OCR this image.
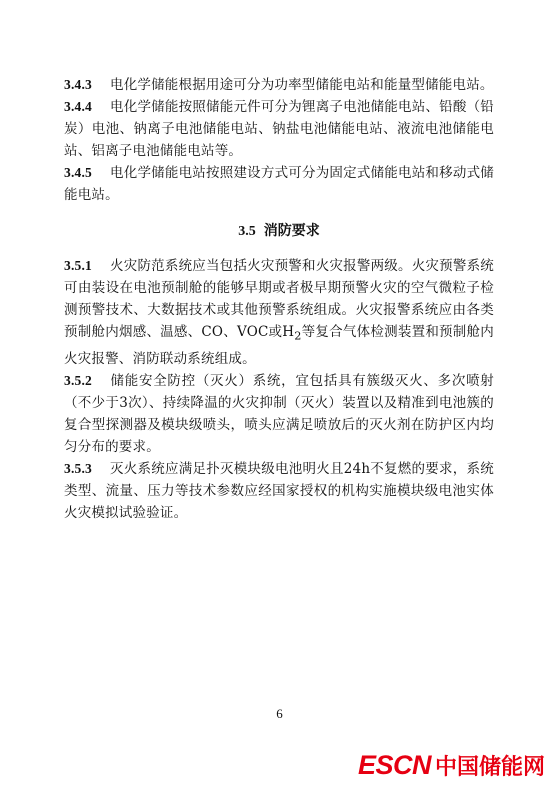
3.4.3 电化学储能根据用途可分为功率型储能电站和能量型储能电站。

3.4.4 电化学储能按照储能元件可分为锂离子电池储能电站、铅酸（铅炭）电池、钠离子电池储能电站、钠盐电池储能电站、液流电池储能电站、铝离子电池储能电站等。

3.4.5 电化学储能电站按照建设方式可分为固定式储能电站和移动式储能电站。

3.5 消防要求

3.5.1 火灾防范系统应当包括火灾预警和火灾报警两级。火灾预警系统可由装设在电池预制舱的能够早期或者极早期预警火灾的空气微粒子检测预警技术、大数据技术或其他预警系统组成。火灾报警系统应由各类预制舱内烟感、温感、CO、VOC或$H_2$等复合气体检测装置和预制舱内火灾报警、消防联动系统组成。

3.5.2 储能安全防控（灭火）系统，宜包括具有簇级灭火、多次喷射（不少于3次）、持续降温的火灾抑制（灭火）装置以及精准到电池簇的复合型探测器及模块级喷头，喷头应满足喷放后的灭火剂在防护区内均匀分布的要求。

3.5.3 灭火系统应满足扑灭模块级电池明火且24h不复燃的要求，系统类型、流量、压力等技术参数应经国家授权的机构实施模块级电池实体火灾模拟试验验证。

6
ESCN 中国储能网
